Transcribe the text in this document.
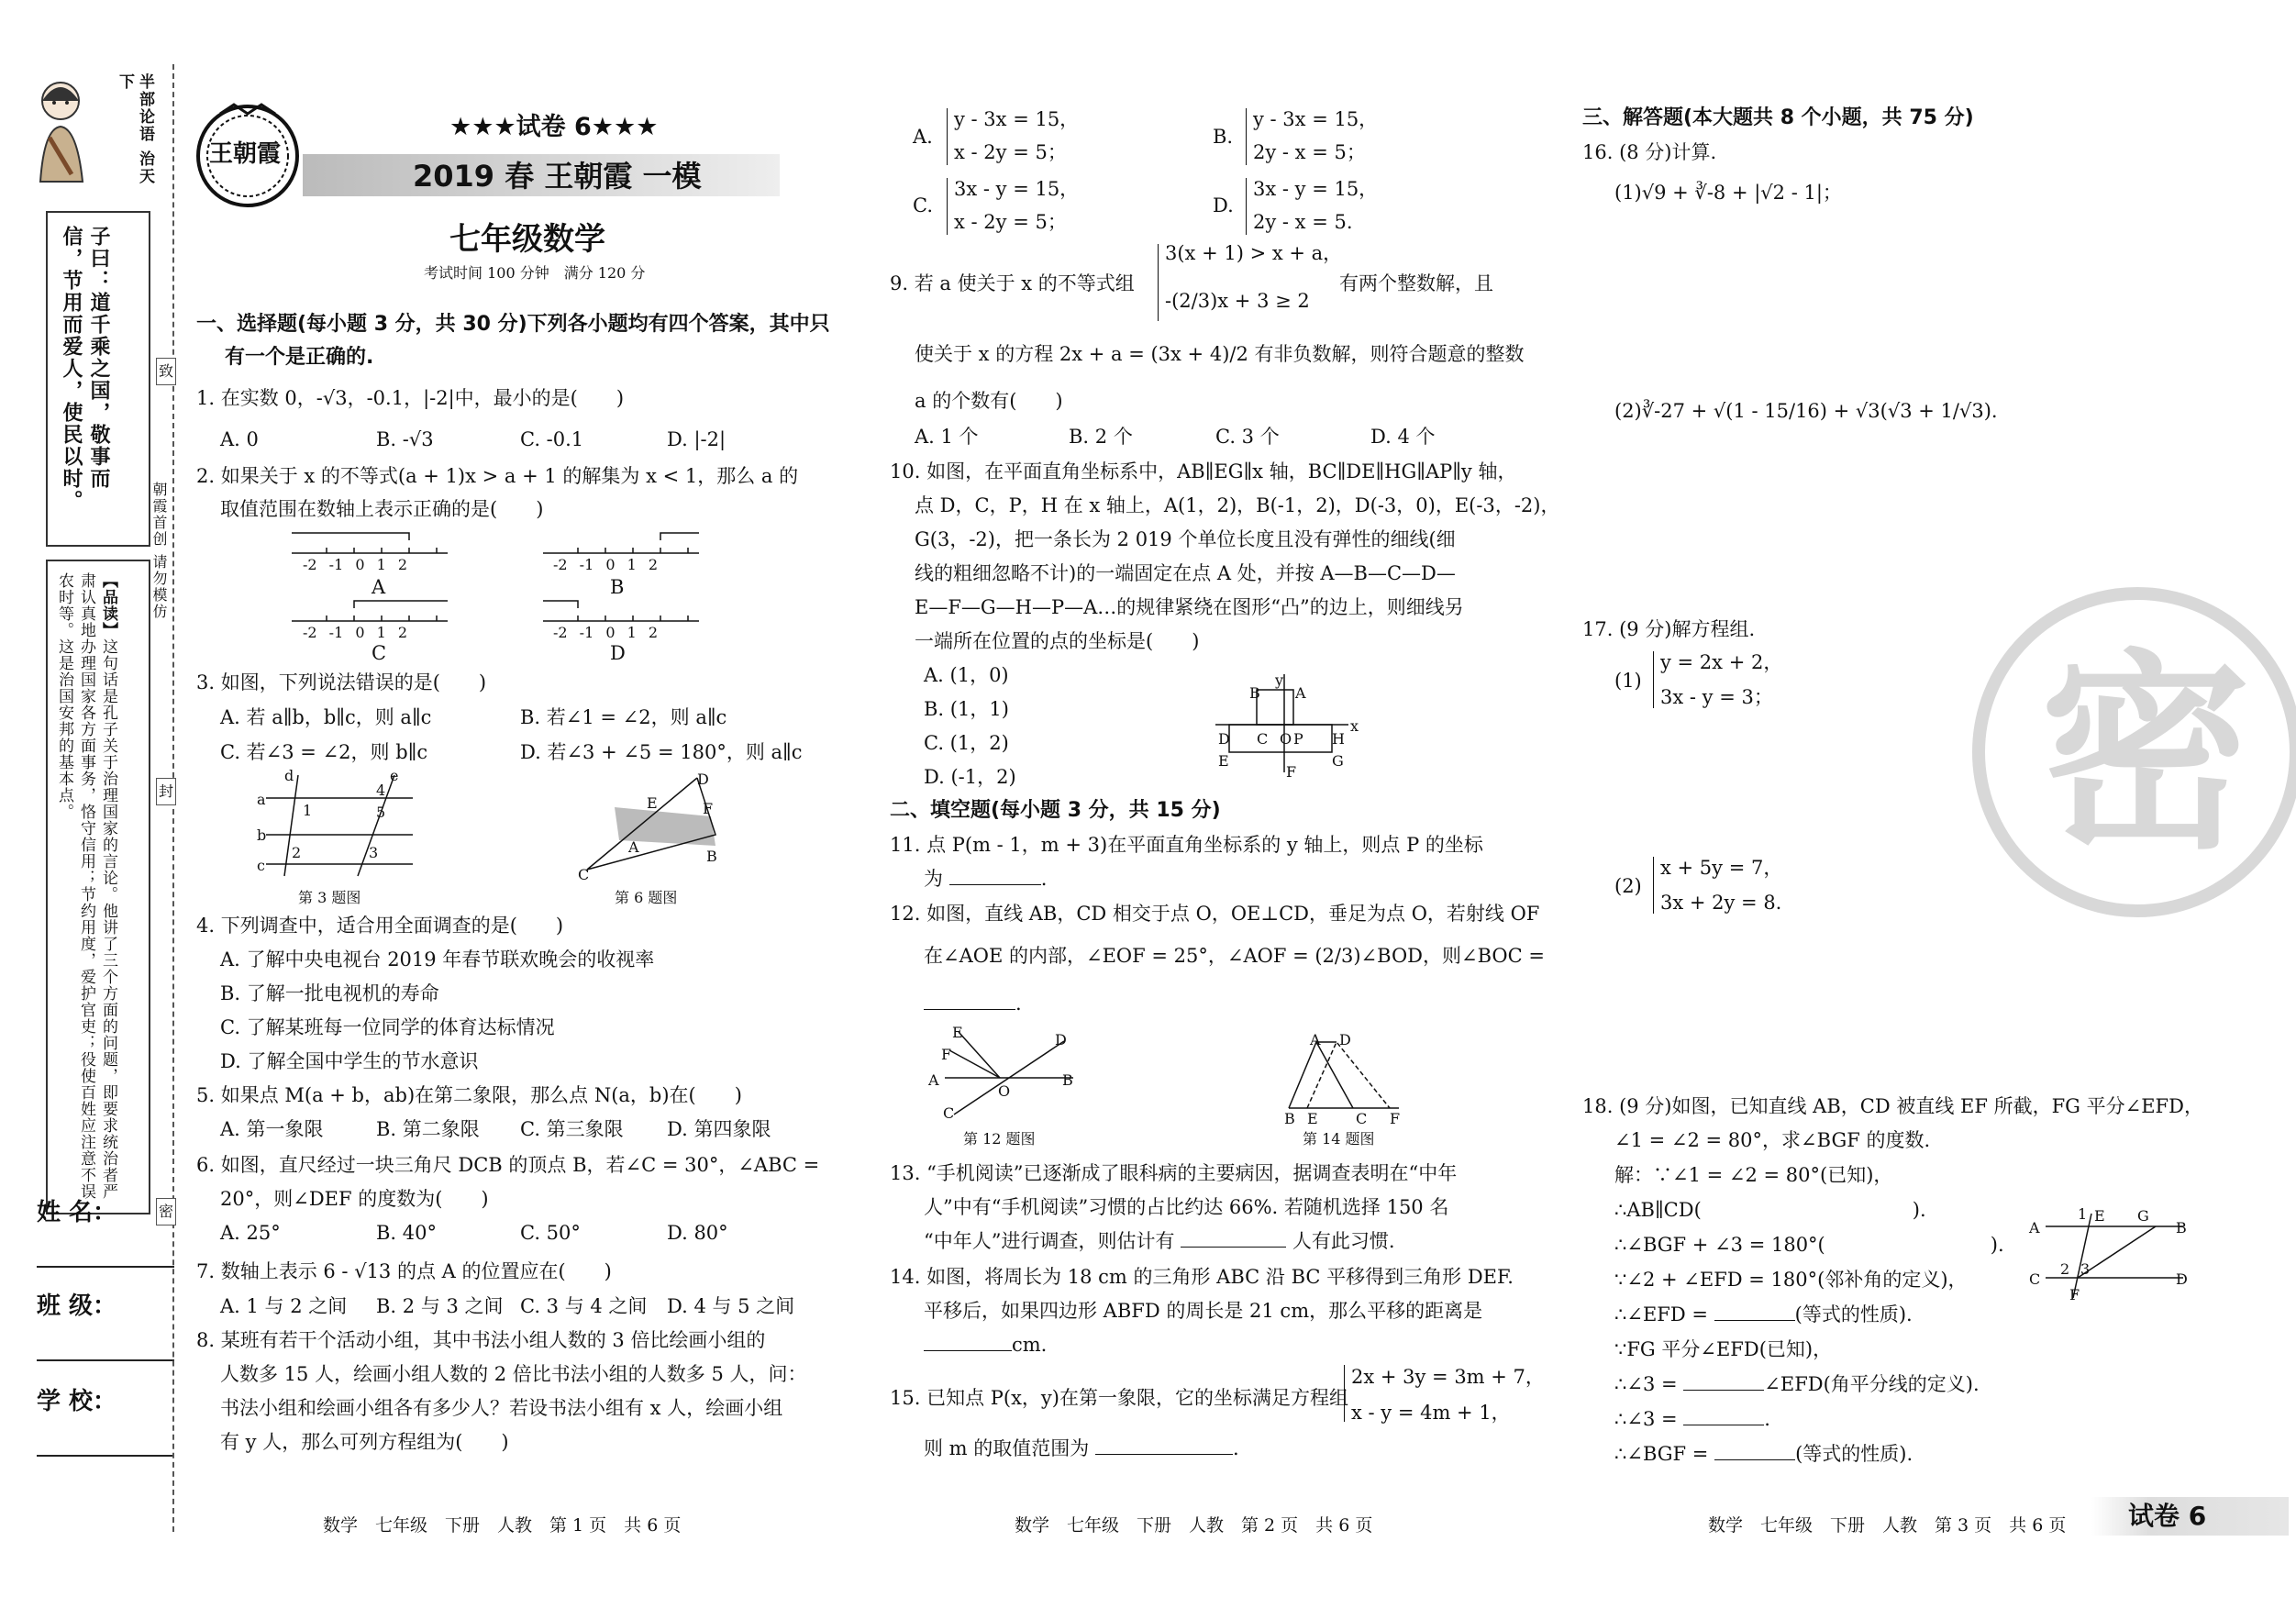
半部论语 治天下
子曰：道千乘之国，敬事而信，节用而爱人，使民以时。
【品读】这句话是孔子关于治理国家的言论。他讲了三个方面的问题，即要求统治者严肃认真地办理国家各方面事务，恪守信用；节约用度，爱护官吏；役使百姓应注意不误农时等。这是治国安邦的基本点。
姓 名：
班 级：
学 校：
致
封
密
朝霞首创 请勿模仿
王朝霞
★★★试卷 6★★★
2019 春 王朝霞 一模
七年级数学
考试时间 100 分钟　满分 120 分
一、选择题(每小题 3 分，共 30 分)下列各小题均有四个答案，其中只
有一个是正确的.
1. 在实数 0，-√3，-0.1，|-2|中，最小的是(　　)
A. 0	B. -√3	C. -0.1	D. |-2|
2. 如果关于 x 的不等式(a + 1)x > a + 1 的解集为 x < 1，那么 a 的
取值范围在数轴上表示正确的是(　　)
-2 -1 0 1 2	-2 -1 0 1 2
-2 -1 0 1 2	-2 -1 0 1 2
A	B
C	D
3. 如图，下列说法错误的是(　　)
A. 若 a∥b，b∥c，则 a∥c	B. 若∠1 = ∠2，则 a∥c
C. 若∠3 = ∠2，则 b∥c	D. 若∠3 + ∠5 = 180°，则 a∥c
d	e
a
b
c
1
2	3
4
5
第 3 题图
D
E	F
A
B
C
第 6 题图
4. 下列调查中，适合用全面调查的是(　　)
A. 了解中央电视台 2019 年春节联欢晚会的收视率
B. 了解一批电视机的寿命
C. 了解某班每一位同学的体育达标情况
D. 了解全国中学生的节水意识
5. 如果点 M(a + b，ab)在第二象限，那么点 N(a，b)在(　　)
A. 第一象限	B. 第二象限 C. 第三象限 D. 第四象限
6. 如图，直尺经过一块三角尺 DCB 的顶点 B，若∠C = 30°，∠ABC =
20°，则∠DEF 的度数为(　　)
A. 25°	B. 40°	C. 50°	D. 80°
7. 数轴上表示 6 - √13 的点 A 的位置应在(　　)
A. 1 与 2 之间 B. 2 与 3 之间 C. 3 与 4 之间 D. 4 与 5 之间
8. 某班有若干个活动小组，其中书法小组人数的 3 倍比绘画小组的
人数多 15 人，绘画小组人数的 2 倍比书法小组的人数多 5 人，问：
书法小组和绘画小组各有多少人？若设书法小组有 x 人，绘画小组
有 y 人，那么可列方程组为(　　)
数学　七年级　下册　人教　第 1 页　共 6 页
A.
y - 3x = 15，
x - 2y = 5；
B.
y - 3x = 15，
2y - x = 5；
C.
3x - y = 15，
x - 2y = 5；
D.
3x - y = 15，
2y - x = 5.
9. 若 a 使关于 x 的不等式组
3(x + 1) > x + a，
-(2/3)x + 3 ≥ 2
有两个整数解，且
使关于 x 的方程 2x + a = (3x + 4)/2 有非负数解，则符合题意的整数
a 的个数有(　　)
A. 1 个	B. 2 个	C. 3 个	D. 4 个
10. 如图，在平面直角坐标系中，AB∥EG∥x 轴，BC∥DE∥HG∥AP∥y 轴，
点 D，C，P，H 在 x 轴上，A(1，2)，B(-1，2)，D(-3，0)，E(-3，-2)，
G(3，-2)，把一条长为 2 019 个单位长度且没有弹性的细线(细
线的粗细忽略不计)的一端固定在点 A 处，并按 A—B—C—D—
E—F—G—H—P—A…的规律紧绕在图形“凸”的边上，则细线另
一端所在位置的点的坐标是(　　)
A. (1，0)
B. (1，1)
C. (1，2)
D. (-1，2)
B
y
A
D C O P H
x
E
F
G
二、填空题(每小题 3 分，共 15 分)
11. 点 P(m - 1，m + 3)在平面直角坐标系的 y 轴上，则点 P 的坐标
为	.
12. 如图，直线 AB，CD 相交于点 O，OE⊥CD，垂足为点 O，若射线 OF
在∠AOE 的内部，∠EOF = 25°，∠AOF = (2/3)∠BOD，则∠BOC =
.
E
F
A
O
B
C
D
第 12 题图
A D
B E	C F
第 14 题图
13. “手机阅读”已逐渐成了眼科病的主要病因，据调查表明在“中年
人”中有“手机阅读”习惯的占比约达 66%. 若随机选择 150 名
“中年人”进行调查，则估计有	人有此习惯.
14. 如图，将周长为 18 cm 的三角形 ABC 沿 BC 平移得到三角形 DEF.
平移后，如果四边形 ABFD 的周长是 21 cm，那么平移的距离是
cm.
15. 已知点 P(x，y)在第一象限，它的坐标满足方程组
2x + 3y = 3m + 7，
x - y = 4m + 1，
则 m 的取值范围为	.
数学　七年级　下册　人教　第 2 页　共 6 页
密
三、解答题(本大题共 8 个小题，共 75 分)
16. (8 分)计算.
(1)√9 + ∛-8 + |√2 - 1|；
(2)∛-27 + √(1 - 15/16) + √3(√3 + 1/√3).
17. (9 分)解方程组.
(1)
y = 2x + 2，
3x - y = 3；
(2)
x + 5y = 7，
3x + 2y = 8.
18. (9 分)如图，已知直线 AB，CD 被直线 EF 所截，FG 平分∠EFD，
∠1 = ∠2 = 80°，求∠BGF 的度数.
解：∵∠1 = ∠2 = 80°(已知)，
∴AB∥CD(	).
∴∠BGF + ∠3 = 180°(	).
∵∠2 + ∠EFD = 180°(邻补角的定义)，
∴∠EFD =	(等式的性质).
∵FG 平分∠EFD(已知)，
∴∠3 =	∠EFD(角平分线的定义).
∴∠3 =	.
∴∠BGF =	(等式的性质).
A
1 E G
B
C
2 3
F
D
数学　七年级　下册　人教　第 3 页　共 6 页 试卷 6
